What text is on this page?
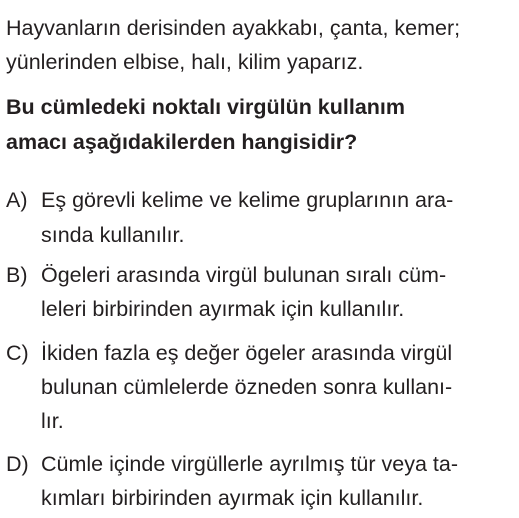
Hayvanların derisinden ayakkabı, çanta, kemer;
yünlerinden elbise, halı, kilim yaparız.
Bu cümledeki noktalı virgülün kullanım
amacı aşağıdakilerden hangisidir?
A) Eş görevli kelime ve kelime gruplarının ara-
sında kullanılır.
B) Ögeleri arasında virgül bulunan sıralı cüm-
leleri birbirinden ayırmak için kullanılır.
C) İkiden fazla eş değer ögeler arasında virgül
bulunan cümlelerde özneden sonra kullanı-
lır.
D) Cümle içinde virgüllerle ayrılmış tür veya ta-
kımları birbirinden ayırmak için kullanılır.
